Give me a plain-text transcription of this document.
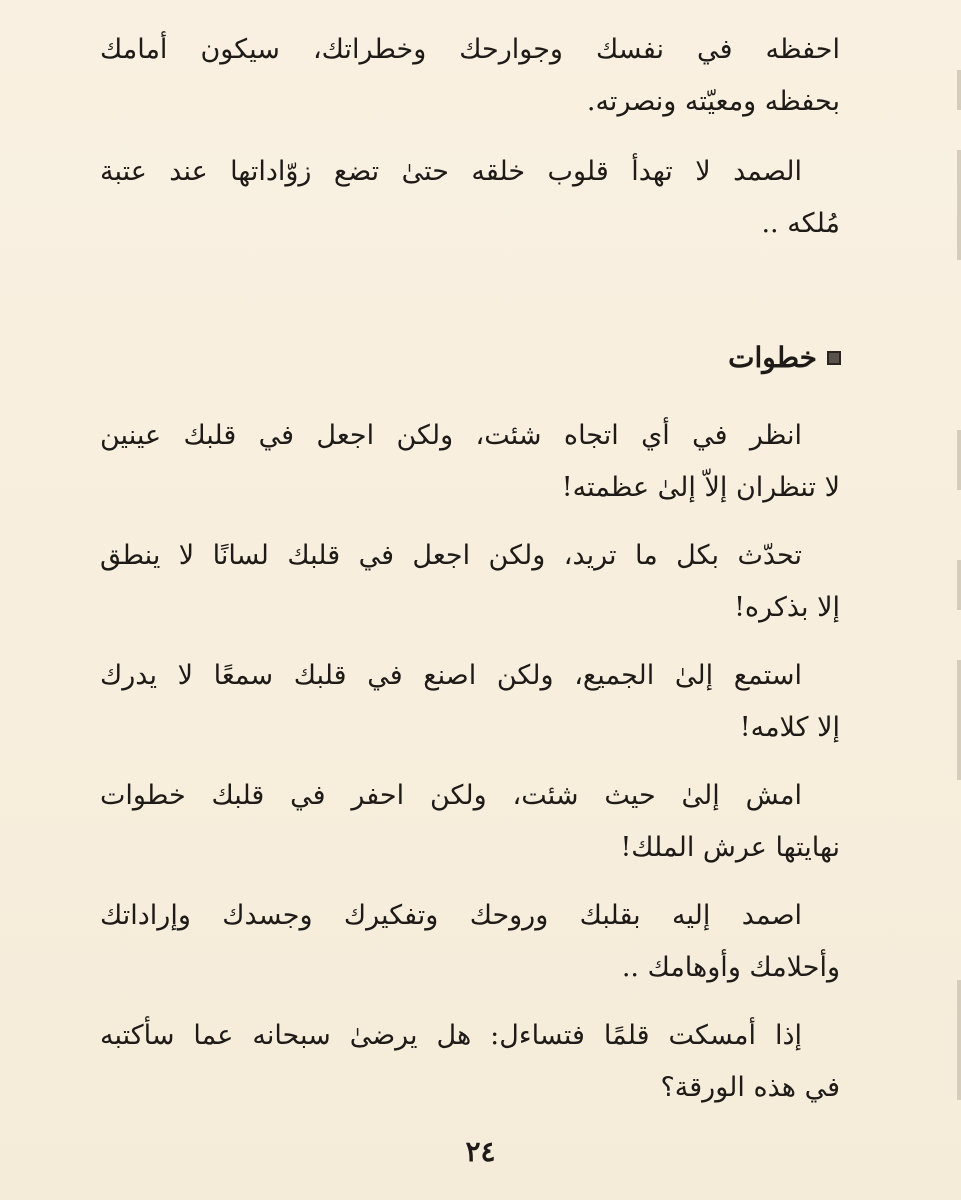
احفظه في نفسك وجوارحك وخطراتك، سيكون أمامك
بحفظه ومعيّته ونصرته.
الصمد لا تهدأ قلوب خلقه حتىٰ تضع زوّاداتها عند عتبة
مُلكه ..
خطوات
انظر في أي اتجاه شئت، ولكن اجعل في قلبك عينين
لا تنظران إلاّ إلىٰ عظمته!
تحدّث بكل ما تريد، ولكن اجعل في قلبك لسانًا لا ينطق
إلا بذكره!
استمع إلىٰ الجميع، ولكن اصنع في قلبك سمعًا لا يدرك
إلا كلامه!
امش إلىٰ حيث شئت، ولكن احفر في قلبك خطوات
نهايتها عرش الملك!
اصمد إليه بقلبك وروحك وتفكيرك وجسدك وإراداتك
وأحلامك وأوهامك ..
إذا أمسكت قلمًا فتساءل: هل يرضىٰ سبحانه عما سأكتبه
في هذه الورقة؟
٢٤
